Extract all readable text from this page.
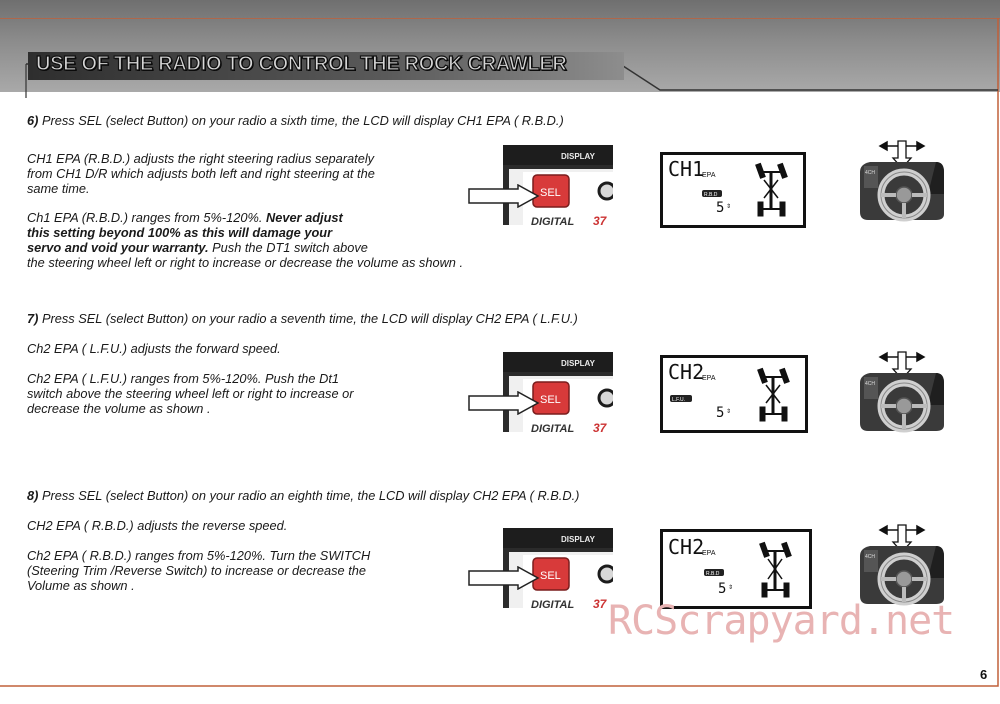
USE OF THE RADIO TO CONTROL THE ROCK CRAWLER
6) Press SEL (select Button) on your radio a sixth time, the LCD will display CH1 EPA ( R.B.D.)
CH1 EPA (R.B.D.) adjusts the right steering radius separately
from CH1 D/R which adjusts both left and right steering at the
same time.
Ch1 EPA (R.B.D.) ranges from 5%-120%. Never adjust
this setting beyond 100% as this will damage your
servo and void your warranty. Push the DT1 switch above
the steering wheel left or right to increase or decrease the volume as shown .
7) Press SEL (select Button) on your radio a seventh time, the LCD will display CH2 EPA ( L.F.U.)
Ch2 EPA ( L.F.U.) adjusts the forward speed.
Ch2 EPA ( L.F.U.) ranges from 5%-120%. Push the Dt1
switch above the steering wheel left or right to increase or
decrease the volume as shown .
8) Press SEL (select Button) on your radio an eighth time, the LCD will display CH2 EPA ( R.B.D.)
CH2 EPA ( R.B.D.) adjusts the reverse speed.
Ch2 EPA ( R.B.D.) ranges from 5%-120%. Turn the SWITCH
(Steering Trim /Reverse Switch) to increase or decrease the
Volume as shown .
DISPLAY
SEL
DIGITAL 37
DISPLAY
SEL
DIGITAL 37
DISPLAY
SEL
DIGITAL 37
CH1
EPA
R.B.D
5 ⇕
CH2
EPA
L.F.U.
5 ⇕
CH2
EPA
R.B.D
5 ⇕
4CH
4CH
4CH
RCScrapyard.net
6
